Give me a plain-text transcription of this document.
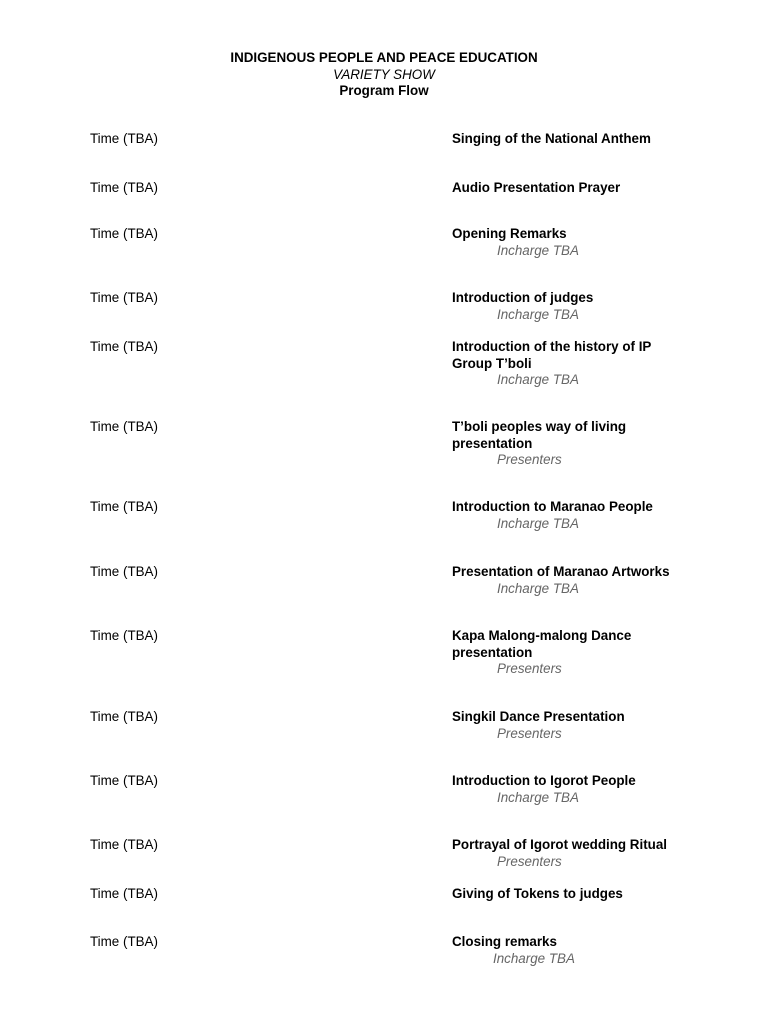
INDIGENOUS PEOPLE AND PEACE EDUCATION
VARIETY SHOW
Program Flow
Time (TBA)	Singing of the National Anthem
Time (TBA)	Audio Presentation Prayer
Time (TBA)	Opening Remarks
Incharge TBA
Time (TBA)	Introduction of judges
Incharge TBA
Time (TBA)	Introduction of the history of IP Group T’boli
Incharge TBA
Time (TBA)	T’boli peoples way of living presentation
Presenters
Time (TBA)	Introduction to Maranao People
Incharge TBA
Time (TBA)	Presentation of Maranao Artworks
Incharge TBA
Time (TBA)	Kapa Malong-malong Dance presentation
Presenters
Time (TBA)	Singkil Dance Presentation
Presenters
Time (TBA)	Introduction to Igorot People
Incharge TBA
Time (TBA)	Portrayal of Igorot wedding Ritual
Presenters
Time (TBA)	Giving of Tokens to judges
Time (TBA)	Closing remarks
Incharge TBA
